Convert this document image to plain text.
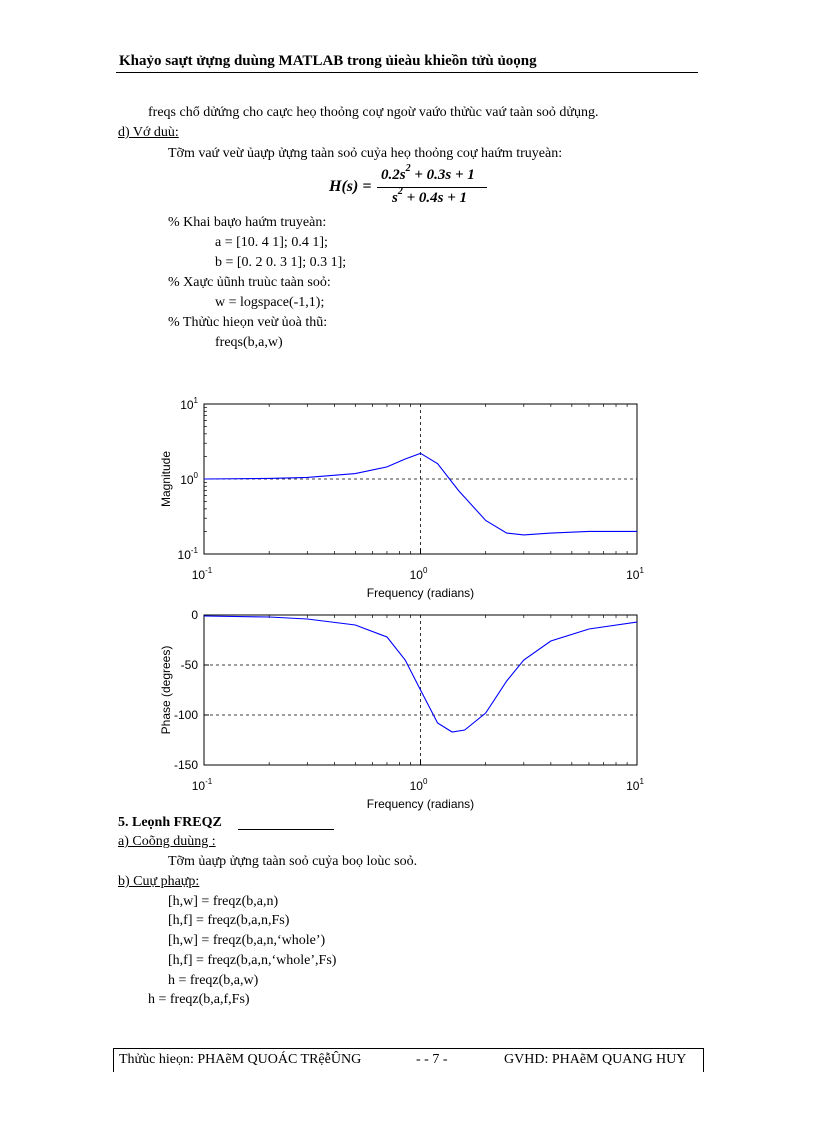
Khaỷo saựt ửựng duùng MATLAB trong ủieàu khieồn tửù ủoọng
freqs chổ dửứng cho caực heọ thoỏng coự ngoừ vaứo thửùc vaứ taàn soỏ dửụng.
d) Vớ duù:
Tỡm vaứ veừ ủaựp ửựng taàn soỏ cuỷa heọ thoỏng coự haứm truyeàn:
H(s) =
$0.2s^2 + 0.3s + 1$
$s^2 + 0.4s + 1$
% Khai baựo haứm truyeàn:
a = [10. 4 1]; 0.4 1];
b = [0. 2 0. 3 1]; 0.3 1];
% Xaực ủũnh truùc taàn soỏ:
w = logspace(-1,1);
% Thửùc hieọn veừ ủoà thũ:
freqs(b,a,w)
$10^{-1}$	$10^0$	$10^1$
$10^1$
$10^0$
$10^{-1}$
Frequency (radians)
Magnitude
$10^{-1}$	$10^0$	$10^1$
0
-50
-100
-150
Frequency (radians)
Phase (degrees)
5. Leọnh FREQZ
a) Coõng duùng :
Tỡm ủaựp ửựng taàn soỏ cuỷa boọ loùc soỏ.
b) Cuự phaựp:
[h,w] = freqz(b,a,n)
[h,f] = freqz(b,a,n,Fs)
[h,w] = freqz(b,a,n,‘whole’)
[h,f] = freqz(b,a,n,‘whole’,Fs)
h = freqz(b,a,w)
h = freqz(b,a,f,Fs)
Thửùc hieọn: PHAẽM QUOÁC TRệễÛNG	- - 7 -	GVHD: PHAẽM QUANG HUY
